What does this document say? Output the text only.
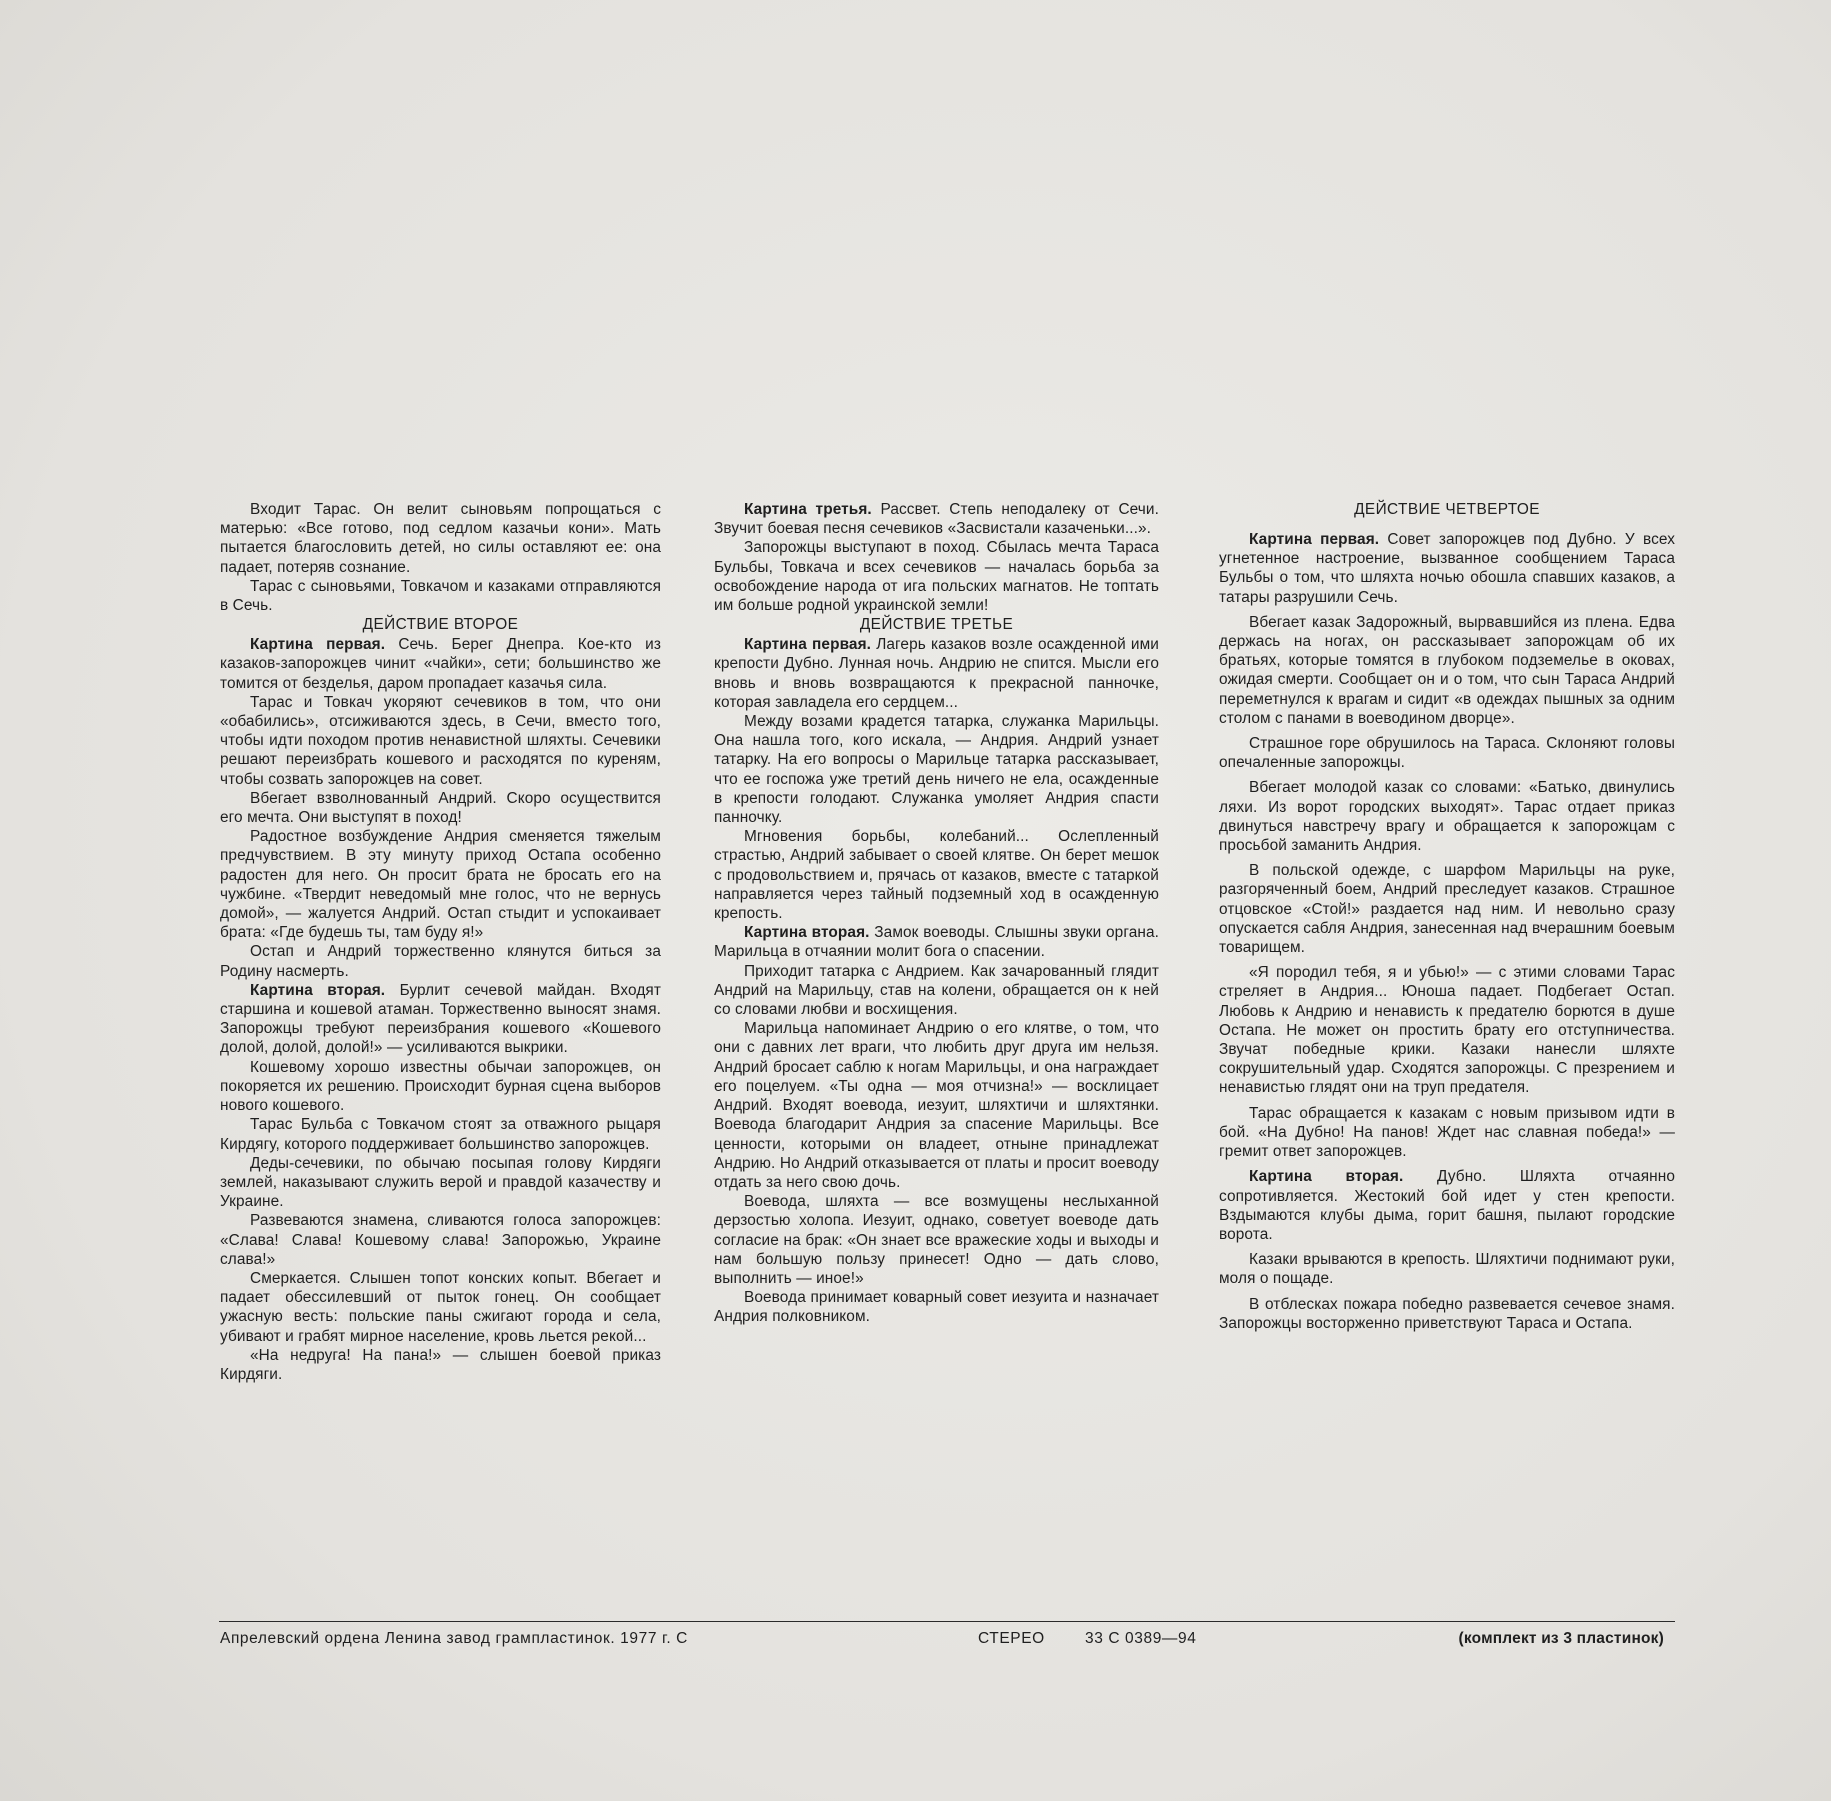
Входит Тарас. Он велит сыновьям попрощаться с матерью: «Все готово, под седлом казачьи кони». Мать пытается благословить детей, но силы оставляют ее: она падает, потеряв сознание.

Тарас с сыновьями, Товкачом и казаками отправляются в Сечь.

ДЕЙСТВИЕ ВТОРОЕ

Картина первая. Сечь. Берег Днепра. Кое-кто из казаков-запорожцев чинит «чайки», сети; большинство же томится от безделья, даром пропадает казачья сила.

Тарас и Товкач укоряют сечевиков в том, что они «обабились», отсиживаются здесь, в Сечи, вместо того, чтобы идти походом против ненавистной шляхты. Сечевики решают переизбрать кошевого и расходятся по куреням, чтобы созвать запорожцев на совет.

Вбегает взволнованный Андрий. Скоро осуществится его мечта. Они выступят в поход!

Радостное возбуждение Андрия сменяется тяжелым предчувствием. В эту минуту приход Остапа особенно радостен для него. Он просит брата не бросать его на чужбине. «Твердит неведомый мне голос, что не вернусь домой», — жалуется Андрий. Остап стыдит и успокаивает брата: «Где будешь ты, там буду я!»

Остап и Андрий торжественно клянутся биться за Родину насмерть.

Картина вторая. Бурлит сечевой майдан. Входят старшина и кошевой атаман. Торжественно выносят знамя. Запорожцы требуют переизбрания кошевого «Кошевого долой, долой, долой!» — усиливаются выкрики.

Кошевому хорошо известны обычаи запорожцев, он покоряется их решению. Происходит бурная сцена выборов нового кошевого.

Тарас Бульба с Товкачом стоят за отважного рыцаря Кирдягу, которого поддерживает большинство запорожцев.

Деды-сечевики, по обычаю посыпая голову Кирдяги землей, наказывают служить верой и правдой казачеству и Украине.

Развеваются знамена, сливаются голоса запорожцев: «Слава! Слава! Кошевому слава! Запорожью, Украине слава!»

Смеркается. Слышен топот конских копыт. Вбегает и падает обессилевший от пыток гонец. Он сообщает ужасную весть: польские паны сжигают города и села, убивают и грабят мирное население, кровь льется рекой...

«На недруга! На пана!» — слышен боевой приказ Кирдяги.

Картина третья. Рассвет. Степь неподалеку от Сечи. Звучит боевая песня сечевиков «Засвистали казаченьки...».

Запорожцы выступают в поход. Сбылась мечта Тараса Бульбы, Товкача и всех сечевиков — началась борьба за освобождение народа от ига польских магнатов. Не топтать им больше родной украинской земли!

ДЕЙСТВИЕ ТРЕТЬЕ

Картина первая. Лагерь казаков возле осажденной ими крепости Дубно. Лунная ночь. Андрию не спится. Мысли его вновь и вновь возвращаются к прекрасной панночке, которая завладела его сердцем...

Между возами крадется татарка, служанка Марильцы. Она нашла того, кого искала, — Андрия. Андрий узнает татарку. На его вопросы о Марильце татарка рассказывает, что ее госпожа уже третий день ничего не ела, осажденные в крепости голодают. Служанка умоляет Андрия спасти панночку.

Мгновения борьбы, колебаний... Ослепленный страстью, Андрий забывает о своей клятве. Он берет мешок с продовольствием и, прячась от казаков, вместе с татаркой направляется через тайный подземный ход в осажденную крепость.

Картина вторая. Замок воеводы. Слышны звуки органа. Марильца в отчаянии молит бога о спасении.

Приходит татарка с Андрием. Как зачарованный глядит Андрий на Марильцу, став на колени, обращается он к ней со словами любви и восхищения.

Марильца напоминает Андрию о его клятве, о том, что они с давних лет враги, что любить друг друга им нельзя. Андрий бросает саблю к ногам Марильцы, и она награждает его поцелуем. «Ты одна — моя отчизна!» — восклицает Андрий. Входят воевода, иезуит, шляхтичи и шляхтянки. Воевода благодарит Андрия за спасение Марильцы. Все ценности, которыми он владеет, отныне принадлежат Андрию. Но Андрий отказывается от платы и просит воеводу отдать за него свою дочь.

Воевода, шляхта — все возмущены неслыханной дерзостью холопа. Иезуит, однако, советует воеводе дать согласие на брак: «Он знает все вражеские ходы и выходы и нам большую пользу принесет! Одно — дать слово, выполнить — иное!»

Воевода принимает коварный совет иезуита и назначает Андрия полковником.

ДЕЙСТВИЕ ЧЕТВЕРТОЕ

Картина первая. Совет запорожцев под Дубно. У всех угнетенное настроение, вызванное сообщением Тараса Бульбы о том, что шляхта ночью обошла спавших казаков, а татары разрушили Сечь.

Вбегает казак Задорожный, вырвавшийся из плена. Едва держась на ногах, он рассказывает запорожцам об их братьях, которые томятся в глубоком подземелье в оковах, ожидая смерти. Сообщает он и о том, что сын Тараса Андрий переметнулся к врагам и сидит «в одеждах пышных за одним столом с панами в воеводином дворце».

Страшное горе обрушилось на Тараса. Склоняют головы опечаленные запорожцы.

Вбегает молодой казак со словами: «Батько, двинулись ляхи. Из ворот городских выходят». Тарас отдает приказ двинуться навстречу врагу и обращается к запорожцам с просьбой заманить Андрия.

В польской одежде, с шарфом Марильцы на руке, разгоряченный боем, Андрий преследует казаков. Страшное отцовское «Стой!» раздается над ним. И невольно сразу опускается сабля Андрия, занесенная над вчерашним боевым товарищем.

«Я породил тебя, я и убью!» — с этими словами Тарас стреляет в Андрия... Юноша падает. Подбегает Остап. Любовь к Андрию и ненависть к предателю борются в душе Остапа. Не может он простить брату его отступничества. Звучат победные крики. Казаки нанесли шляхте сокрушительный удар. Сходятся запорожцы. С презрением и ненавистью глядят они на труп предателя.

Тарас обращается к казакам с новым призывом идти в бой. «На Дубно! На панов! Ждет нас славная победа!» — гремит ответ запорожцев.

Картина вторая. Дубно. Шляхта отчаянно сопротивляется. Жестокий бой идет у стен крепости. Вздымаются клубы дыма, горит башня, пылают городские ворота.

Казаки врываются в крепость. Шляхтичи поднимают руки, моля о пощаде.

В отблесках пожара победно развевается сечевое знамя. Запорожцы восторженно приветствуют Тараса и Остапа.

Апрелевский ордена Ленина завод грампластинок. 1977 г. С	СТЕРЕО	33 С 0389—94	(комплект из 3 пластинок)
